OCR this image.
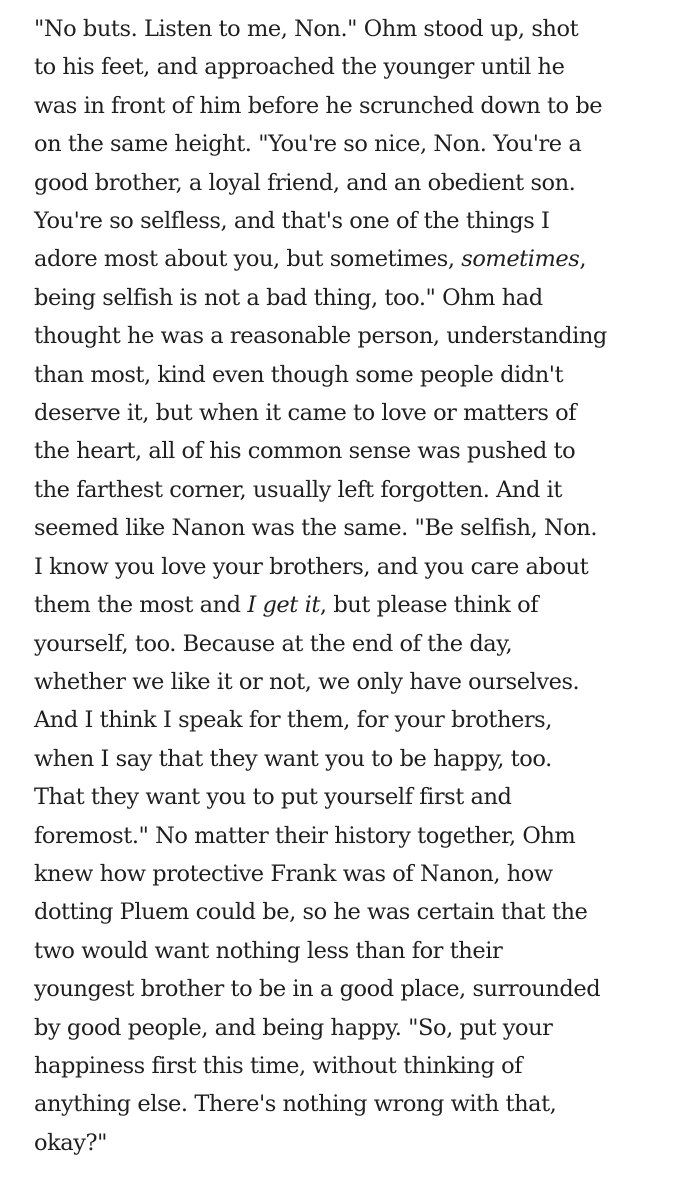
"No buts. Listen to me, Non." Ohm stood up, shot
to his feet, and approached the younger until he
was in front of him before he scrunched down to be
on the same height. "You're so nice, Non. You're a
good brother, a loyal friend, and an obedient son.
You're so selfless, and that's one of the things I
adore most about you, but sometimes, sometimes,
being selfish is not a bad thing, too." Ohm had
thought he was a reasonable person, understanding
than most, kind even though some people didn't
deserve it, but when it came to love or matters of
the heart, all of his common sense was pushed to
the farthest corner, usually left forgotten. And it
seemed like Nanon was the same. "Be selfish, Non.
I know you love your brothers, and you care about
them the most and I get it, but please think of
yourself, too. Because at the end of the day,
whether we like it or not, we only have ourselves.
And I think I speak for them, for your brothers,
when I say that they want you to be happy, too.
That they want you to put yourself first and
foremost." No matter their history together, Ohm
knew how protective Frank was of Nanon, how
dotting Pluem could be, so he was certain that the
two would want nothing less than for their
youngest brother to be in a good place, surrounded
by good people, and being happy. "So, put your
happiness first this time, without thinking of
anything else. There's nothing wrong with that,
okay?"
